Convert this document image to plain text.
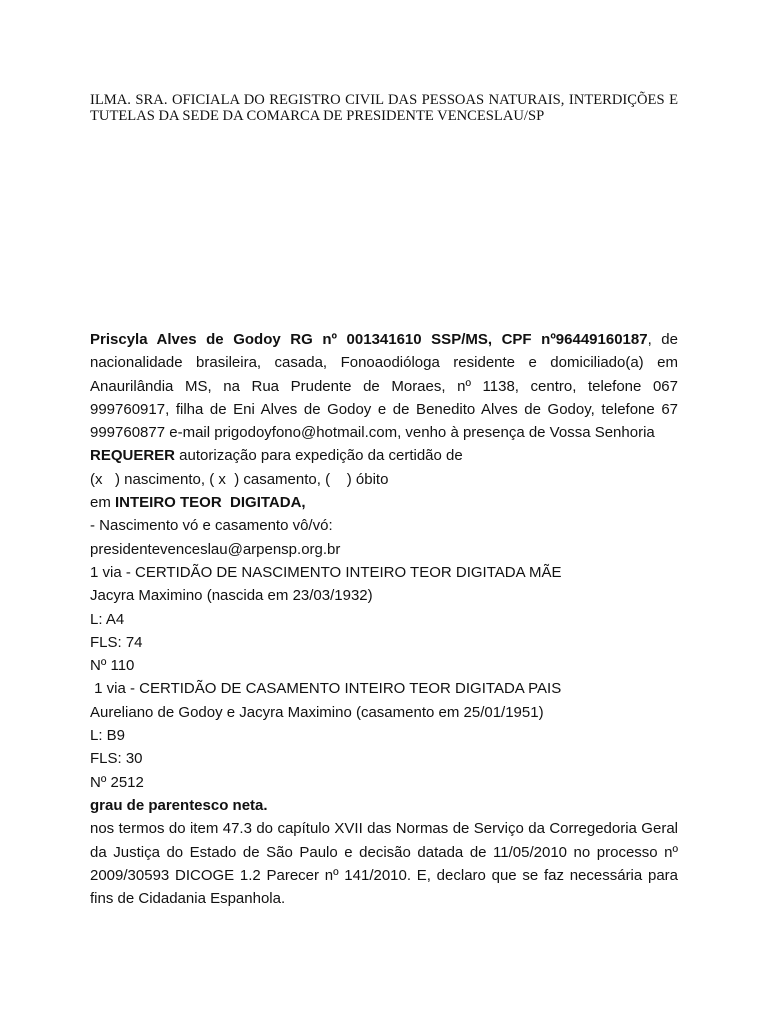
ILMA. SRA. OFICIALA DO REGISTRO CIVIL DAS PESSOAS NATURAIS, INTERDIÇÕES E TUTELAS DA SEDE DA COMARCA DE PRESIDENTE VENCESLAU/SP

Priscyla Alves de Godoy RG nº 001341610 SSP/MS, CPF nº96449160187, de nacionalidade brasileira, casada, Fonoaodióloga residente e domiciliado(a) em Anaurilândia MS, na Rua Prudente de Moraes, nº 1138, centro, telefone 067 999760917, filha de Eni Alves de Godoy e de Benedito Alves de Godoy, telefone 67 999760877 e-mail prigodoyfono@hotmail.com, venho à presença de Vossa Senhoria

REQUERER autorização para expedição da certidão de

(x   ) nascimento, ( x  ) casamento, (    ) óbito

em INTEIRO TEOR  DIGITADA,

- Nascimento vó e casamento vô/vó:

presidentevenceslau@arpensp.org.br

1 via - CERTIDÃO DE NASCIMENTO INTEIRO TEOR DIGITADA MÃE

Jacyra Maximino (nascida em 23/03/1932)

L: A4

FLS: 74

Nº 110

1 via - CERTIDÃO DE CASAMENTO INTEIRO TEOR DIGITADA PAIS

Aureliano de Godoy e Jacyra Maximino (casamento em 25/01/1951)

L: B9

FLS: 30

Nº 2512

grau de parentesco neta.

nos termos do item 47.3 do capítulo XVII das Normas de Serviço da Corregedoria Geral da Justiça do Estado de São Paulo e decisão datada de 11/05/2010 no processo nº 2009/30593 DICOGE 1.2 Parecer nº 141/2010. E, declaro que se faz necessária para fins de Cidadania Espanhola.
